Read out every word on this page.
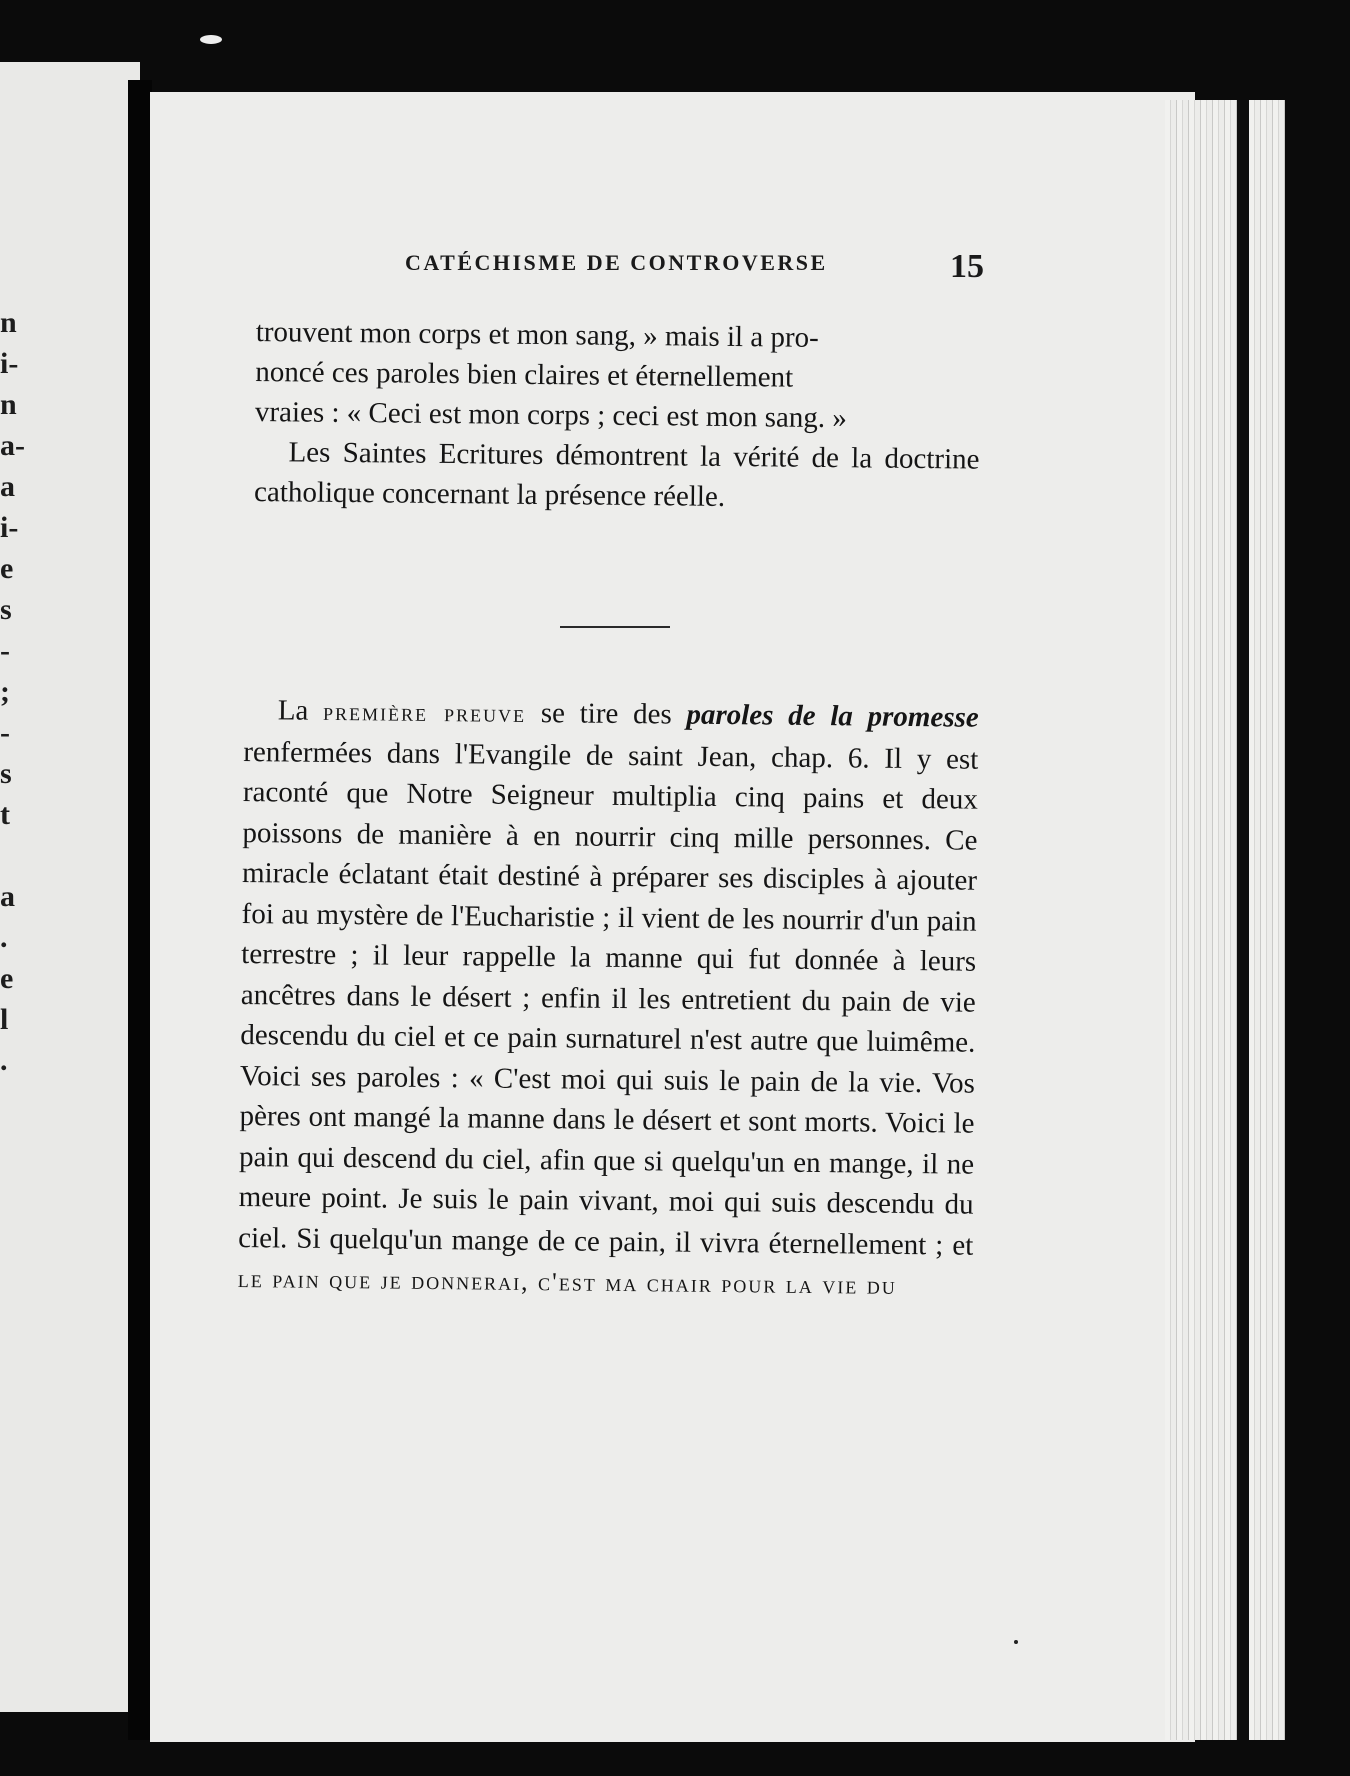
n
i-
n
a-
a
i-
e
s
-
;
-
s
t
a
.
e
l
.
CATÉCHISME DE CONTROVERSE	15

trouvent mon corps et mon sang, » mais il a pro-

noncé ces paroles bien claires et éternellement

vraies : « Ceci est mon corps ; ceci est mon sang. »

Les Saintes Ecritures démontrent la vérité de la doctrine catholique concernant la présence réelle.

La première preuve se tire des paroles de la promesse renfermées dans l'Evangile de saint Jean, chap. 6. Il y est raconté que Notre Seigneur multiplia cinq pains et deux poissons de manière à en nourrir cinq mille personnes. Ce miracle éclatant était destiné à préparer ses disciples à ajouter foi au mystère de l'Eucharistie ; il vient de les nourrir d'un pain terrestre ; il leur rappelle la manne qui fut donnée à leurs ancêtres dans le désert ; enfin il les entretient du pain de vie descendu du ciel et ce pain surnaturel n'est autre que luimême. Voici ses paroles : « C'est moi qui suis le pain de la vie. Vos pères ont mangé la manne dans le désert et sont morts. Voici le pain qui descend du ciel, afin que si quelqu'un en mange, il ne meure point. Je suis le pain vivant, moi qui suis descendu du ciel. Si quelqu'un mange de ce pain, il vivra éternellement ; et le pain que je donnerai, c'est ma chair pour la vie du
